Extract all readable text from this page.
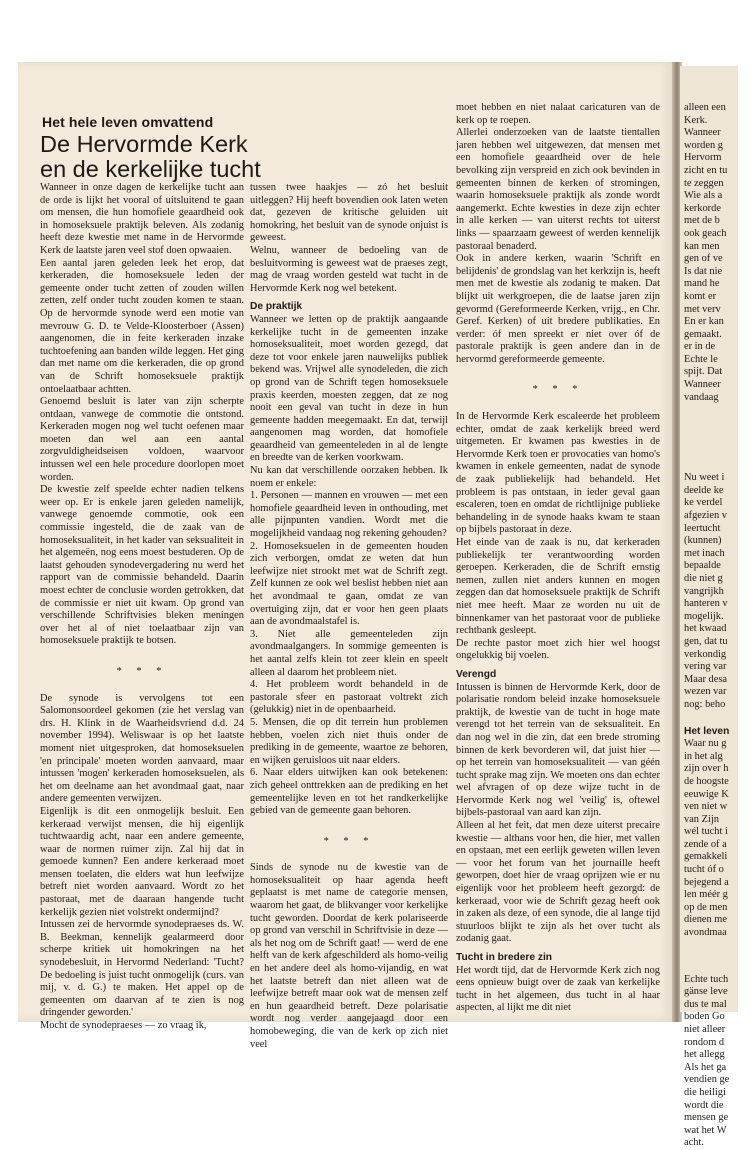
Het hele leven omvattend
De Hervormde Kerk
en de kerkelijke tucht

Wanneer in onze dagen de kerkelijke tucht aan de orde is lijkt het vooral of uitsluitend te gaan om mensen, die hun homofiele geaardheid ook in homoseksuele praktijk beleven. Als zodanig heeft deze kwestie met name in de Hervormde Kerk de laatste jaren veel stof doen opwaaien.

Een aantal jaren geleden leek het erop, dat kerkeraden, die homoseksuele leden der gemeente onder tucht zetten of zouden willen zetten, zelf onder tucht zouden komen te staan. Op de hervormde synode werd een motie van mevrouw G. D. te Velde-Kloosterboer (Assen) aangenomen, die in feite kerkeraden inzake tuchtoefening aan banden wilde leggen. Het ging dan met name om die kerkeraden, die op grond van de Schrift homoseksuele praktijk ontoelaatbaar achtten.

Genoemd besluit is later van zijn scherpte ontdaan, vanwege de commotie die ontstond. Kerkeraden mogen nog wel tucht oefenen maar moeten dan wel aan een aantal zorgvuldigheidseisen voldoen, waarvoor intussen wel een hele procedure doorlopen moet worden.

De kwestie zelf speelde echter nadien telkens weer op. Er is enkele jaren geleden namelijk, vanwege genoemde commotie, ook een commissie ingesteld, die de zaak van de homoseksualiteit, in het kader van seksualiteit in het algemeën, nog eens moest bestuderen. Op de laatst gehouden synodevergadering nu werd het rapport van de commissie behandeld. Daarin moest echter de conclusie worden getrokken, dat de commissie er niet uit kwam. Op grond van verschillende Schriftvisies bleken meningen over het al of niet toelaatbaar zijn van homoseksuele praktijk te botsen.

* * *

De synode is vervolgens tot een Salomonsoordeel gekomen (zie het verslag van drs. H. Klink in de Waarheidsvriend d.d. 24 november 1994). Weliswaar is op het laatste moment niet uitgesproken, dat homoseksuelen 'en principale' moeten worden aanvaard, maar intussen 'mogen' kerkeraden homoseksuelen, als het om deelname aan het avondmaal gaat, naar andere gemeenten verwijzen.

Eigenlijk is dit een onmogelijk besluit. Een kerkeraad verwijst mensen, die hij eigenlijk tuchtwaardig acht, naar een andere gemeente, waar de normen ruimer zijn. Zal hij dat in gemoede kunnen? Een andere kerkeraad moet mensen toelaten, die elders wat hun leefwijze betreft niet worden aanvaard. Wordt zo het pastoraat, met de daaraan hangende tucht kerkelijk gezien niet volstrekt ondermijnd?

Intussen zei de hervormde synodepraeses ds. W. B. Beekman, kennelijk gealarmeerd door scherpe kritiek uit homokringen na het synodebesluit, in Hervormd Nederland: 'Tucht? De bedoeling is juist tucht onmogelijk (curs. van mij, v. d. G.) te maken. Het appel op de gemeenten om daarvan af te zien is nog dringender geworden.'

Mocht de synodepraeses — zo vraag ik,

tussen twee haakjes — zó het besluit uitleggen? Hij heeft bovendien ook laten weten dat, gezeven de kritische geluiden uit homokring, het besluit van de synode onjuist is geweest.

Welnu, wanneer de bedoeling van de besluitvorming is geweest wat de praeses zegt, mag de vraag worden gesteld wat tucht in de Hervormde Kerk nog wel betekent.

De praktijk

Wanneer we letten op de praktijk aangaande kerkelijke tucht in de gemeenten inzake homoseksualiteit, moet worden gezegd, dat deze tot voor enkele jaren nauwelijks publiek bekend was. Vrijwel alle synodeleden, die zich op grond van de Schrift tegen homoseksuele praxis keerden, moesten zeggen, dat ze nog nooit een geval van tucht in deze in hun gemeente hadden meegemaakt. En dat, terwijl aangenomen mag worden, dat homofiele geaardheid van gemeenteleden in al de lengte en breedte van de kerken voorkwam.

Nu kan dat verschillende oorzaken hebben. Ik noem er enkele:

1. Personen — mannen en vrouwen — met een homofiele geaardheid leven in onthouding, met alle pijnpunten vandien. Wordt met die mogelijkheid vandaag nog rekening gehouden?

2. Homoseksuelen in de gemeenten houden zich verborgen, omdat ze weten dat hun leefwijze niet strookt met wat de Schrift zegt. Zelf kunnen ze ook wel beslist hebben niet aan het avondmaal te gaan, omdat ze van overtuiging zijn, dat er voor hen geen plaats aan de avondmaalstafel is.

3. Niet alle gemeenteleden zijn avondmaalgangers. In sommige gemeenten is het aantal zelfs klein tot zeer klein en speelt alleen al daarom het probleem niet.

4. Het probleem wordt behandeld in de pastorale sfeer en pastoraat voltrekt zich (gelukkig) niet in de openbaarheid.

5. Mensen, die op dit terrein hun problemen hebben, voelen zich niet thuis onder de prediking in de gemeente, waartoe ze behoren, en wijken geruisloos uit naar elders.

6. Naar elders uitwijken kan ook betekenen: zich geheel onttrekken aan de prediking en het gemeentelijke leven en tot het randkerkelijke gebied van de gemeente gaan behoren.

* * *

Sinds de synode nu de kwestie van de homoseksualiteit op haar agenda heeft geplaatst is met name de categorie mensen, waarom het gaat, de blikvanger voor kerkelijke tucht geworden. Doordat de kerk polariseerde op grond van verschil in Schriftvisie in deze — als het nog om de Schrift gaat! — werd de ene helft van de kerk afgeschilderd als homo-veilig en het andere deel als homo-vijandig, en wat het laatste betreft dan niet alleen wat de leefwijze betreft maar ook wat de mensen zelf en hun geaardheid betreft. Deze polarisatie wordt nog verder aangejaagd door een homobeweging, die van de kerk op zich niet veel

moet hebben en niet nalaat caricaturen van de kerk op te roepen.

Allerlei onderzoeken van de laatste tientallen jaren hebben wel uitgewezen, dat mensen met een homofiele geaardheid over de hele bevolking zijn verspreid en zich ook bevinden in gemeenten binnen de kerken of stromingen, waarin homoseksuele praktijk als zonde wordt aangemerkt. Echte kwesties in deze zijn echter in alle kerken — van uiterst rechts tot uiterst links — spaarzaam geweest of werden kennelijk pastoraal benaderd.

Ook in andere kerken, waarin 'Schrift en belijdenis' de grondslag van het kerkzijn is, heeft men met de kwestie als zodanig te maken. Dat blijkt uit werkgroepen, die de laatse jaren zijn gevormd (Gereformeerde Kerken, vrijg., en Chr. Geref. Kerken) of uit bredere publikaties. En verder: óf men spreekt er niet over óf de pastorale praktijk is geen andere dan in de hervormd gereformeerde gemeente.

* * *

In de Hervormde Kerk escaleerde het probleem echter, omdat de zaak kerkelijk breed werd uitgemeten. Er kwamen pas kwesties in de Hervormde Kerk toen er provocaties van homo's kwamen in enkele gemeenten, nadat de synode de zaak publiekelijk had behandeld. Het probleem is pas ontstaan, in ieder geval gaan escaleren, toen en omdat de richtlijnige publieke behandeling in de synode haaks kwam te staan op bijbels pastoraat in deze.

Het einde van de zaak is nu, dat kerkeraden publiekelijk ter verantwoording worden geroepen. Kerkeraden, die de Schrift ernstig nemen, zullen niet anders kunnen en mogen zeggen dan dat homoseksuele praktijk de Schrift niet mee heeft. Maar ze worden nu uit de binnenkamer van het pastoraat voor de publieke rechtbank gesleept.

De rechte pastor moet zich hier wel hoogst ongelukkig bij voelen.

Verengd

Intussen is binnen de Hervormde Kerk, door de polarisatie rondom beleid inzake homoseksuele praktijk, de kwestie van de tucht in hoge mate verengd tot het terrein van de seksualiteit. En dan nog wel in die zin, dat een brede stroming binnen de kerk bevorderen wil, dat juist hier — op het terrein van homoseksualiteit — van géén tucht sprake mag zijn. We moeten ons dan echter wel afvragen of op deze wijze tucht in de Hervormde Kerk nog wel 'veilig' is, oftewel bijbels-pastoraal van aard kan zijn.

Alleen al het feit, dat men deze uiterst precaire kwestie — althans voor hen, die hier, met vallen en opstaan, met een eerlijk geweten willen leven — voor het forum van het journaille heeft geworpen, doet hier de vraag oprijzen wie er nu eigenlijk voor het probleem heeft gezorgd: de kerkeraad, voor wie de Schrift gezag heeft ook in zaken als deze, of een synode, die al lange tijd stuurloos blijkt te zijn als het over tucht als zodanig gaat.

Tucht in bredere zin

Het wordt tijd, dat de Hervormde Kerk zich nog eens opnieuw buigt over de zaak van kerkelijke tucht in het algemeen, dus tucht in al haar aspecten, al lijkt me dit niet

alleen een

Kerk.

Wanneer

worden g

Hervorm

zicht en tu

te zeggen

Wie als a

kerkorde

met de b

ook geach

kan men

gen of ve

Is dat nie

mand he

komt er

met verv

En er kan

gemaakt.

er in de

Echte le

spijt. Dat

Wanneer

vandaag

Nu weet i

deelde ke

ke verdel

afgezien v

leertucht

(kunnen)

met inach

bepaalde

die niet g

vangrijkh

hanteren v

mogelijk.

het kwaad

gen, dat tu

verkondig

vering var

Maar desa

wezen var

nog: beho

Het leven

Waar nu g

in het alg

zijn over h

de hoogste

eeuwige K

ven niet w

van Zijn

wél tucht i

zende of a

gemakkeli

tucht óf o

bejegend a

len méér g

op de men

dienen me

avondmaa

Echte tuch

gänse leve

dus te mal

boden Go

niet alleer

rondom d

het allegg

Als het ga

vendien ge

die heiligi

wordt die

mensen ge

wat het W

acht.
